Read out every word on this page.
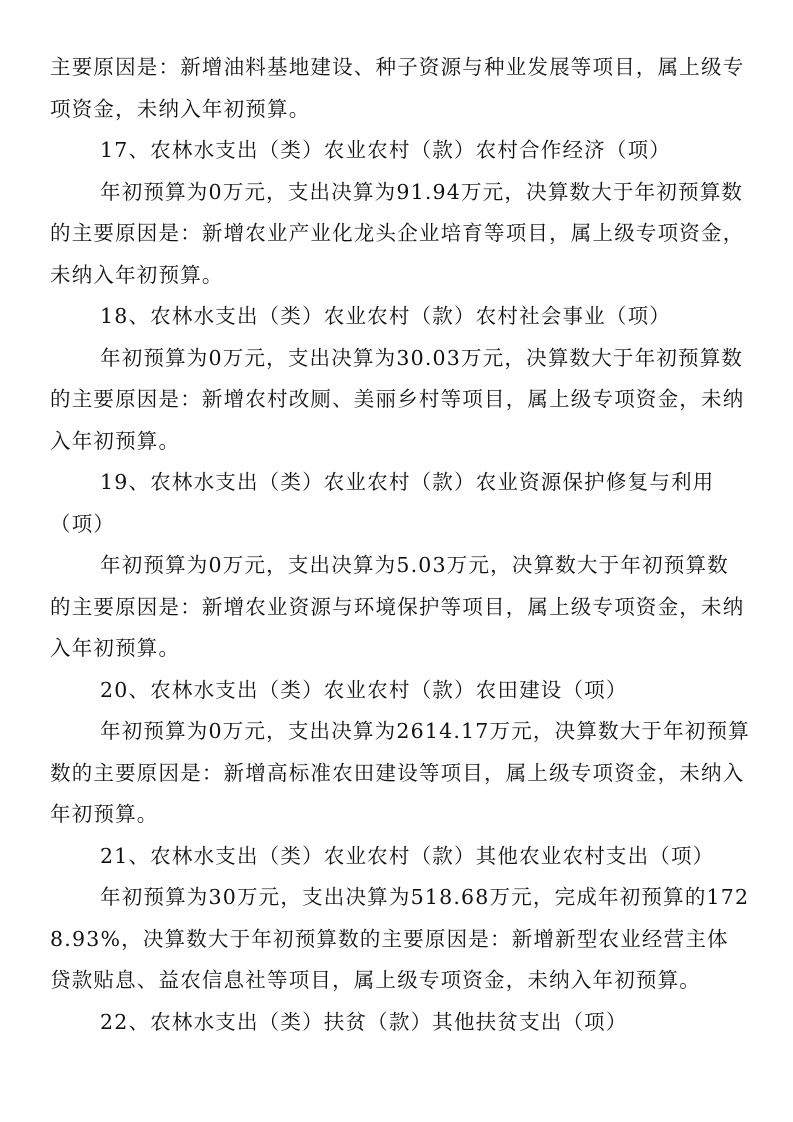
主要原因是：新增油料基地建设、种子资源与种业发展等项目，属上级专项资金，未纳入年初预算。

17、农林水支出（类）农业农村（款）农村合作经济（项）

年初预算为0万元，支出决算为91.94万元，决算数大于年初预算数的主要原因是：新增农业产业化龙头企业培育等项目，属上级专项资金，未纳入年初预算。

18、农林水支出（类）农业农村（款）农村社会事业（项）

年初预算为0万元，支出决算为30.03万元，决算数大于年初预算数的主要原因是：新增农村改厕、美丽乡村等项目，属上级专项资金，未纳入年初预算。

19、农林水支出（类）农业农村（款）农业资源保护修复与利用（项）

年初预算为0万元，支出决算为5.03万元，决算数大于年初预算数的主要原因是：新增农业资源与环境保护等项目，属上级专项资金，未纳入年初预算。

20、农林水支出（类）农业农村（款）农田建设（项）

年初预算为0万元，支出决算为2614.17万元，决算数大于年初预算数的主要原因是：新增高标准农田建设等项目，属上级专项资金，未纳入年初预算。

21、农林水支出（类）农业农村（款）其他农业农村支出（项）

年初预算为30万元，支出决算为518.68万元，完成年初预算的1728.93%，决算数大于年初预算数的主要原因是：新增新型农业经营主体贷款贴息、益农信息社等项目，属上级专项资金，未纳入年初预算。

22、农林水支出（类）扶贫（款）其他扶贫支出（项）
